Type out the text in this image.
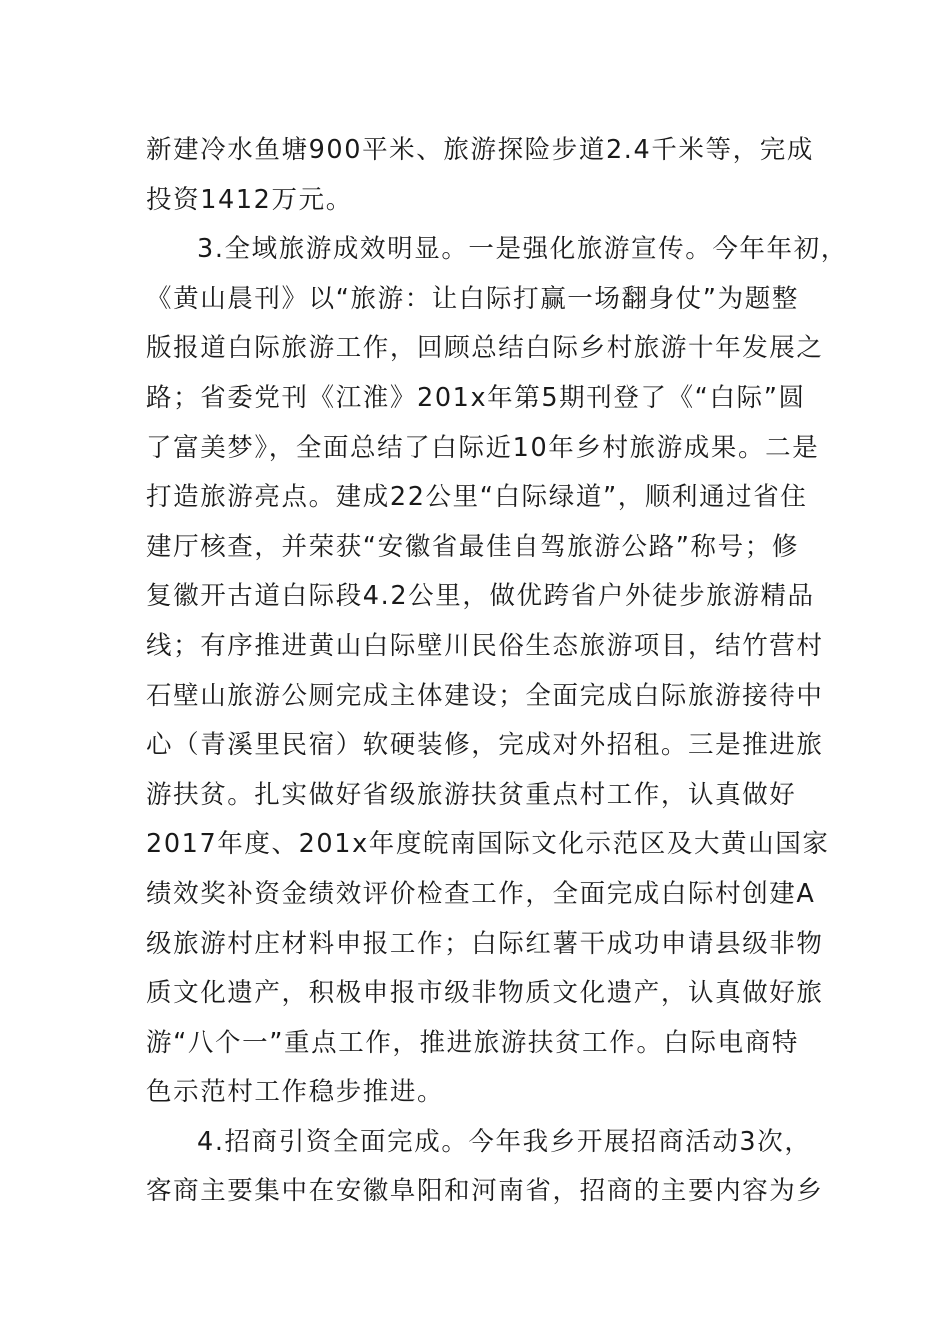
新建冷水鱼塘900平米、旅游探险步道2.4千米等，完成
投资1412万元。
3.全域旅游成效明显。一是强化旅游宣传。今年年初，
《黄山晨刊》以“旅游：让白际打赢一场翻身仗”为题整
版报道白际旅游工作，回顾总结白际乡村旅游十年发展之
路；省委党刊《江淮》201x年第5期刊登了《“白际”圆
了富美梦》，全面总结了白际近10年乡村旅游成果。二是
打造旅游亮点。建成22公里“白际绿道”，顺利通过省住
建厅核查，并荣获“安徽省最佳自驾旅游公路”称号；修
复徽开古道白际段4.2公里，做优跨省户外徒步旅游精品
线；有序推进黄山白际壁川民俗生态旅游项目，结竹营村
石壁山旅游公厕完成主体建设；全面完成白际旅游接待中
心（青溪里民宿）软硬装修，完成对外招租。三是推进旅
游扶贫。扎实做好省级旅游扶贫重点村工作，认真做好
2017年度、201x年度皖南国际文化示范区及大黄山国家
绩效奖补资金绩效评价检查工作，全面完成白际村创建A
级旅游村庄材料申报工作；白际红薯干成功申请县级非物
质文化遗产，积极申报市级非物质文化遗产，认真做好旅
游“八个一”重点工作，推进旅游扶贫工作。白际电商特
色示范村工作稳步推进。
4.招商引资全面完成。今年我乡开展招商活动3次，
客商主要集中在安徽阜阳和河南省，招商的主要内容为乡
